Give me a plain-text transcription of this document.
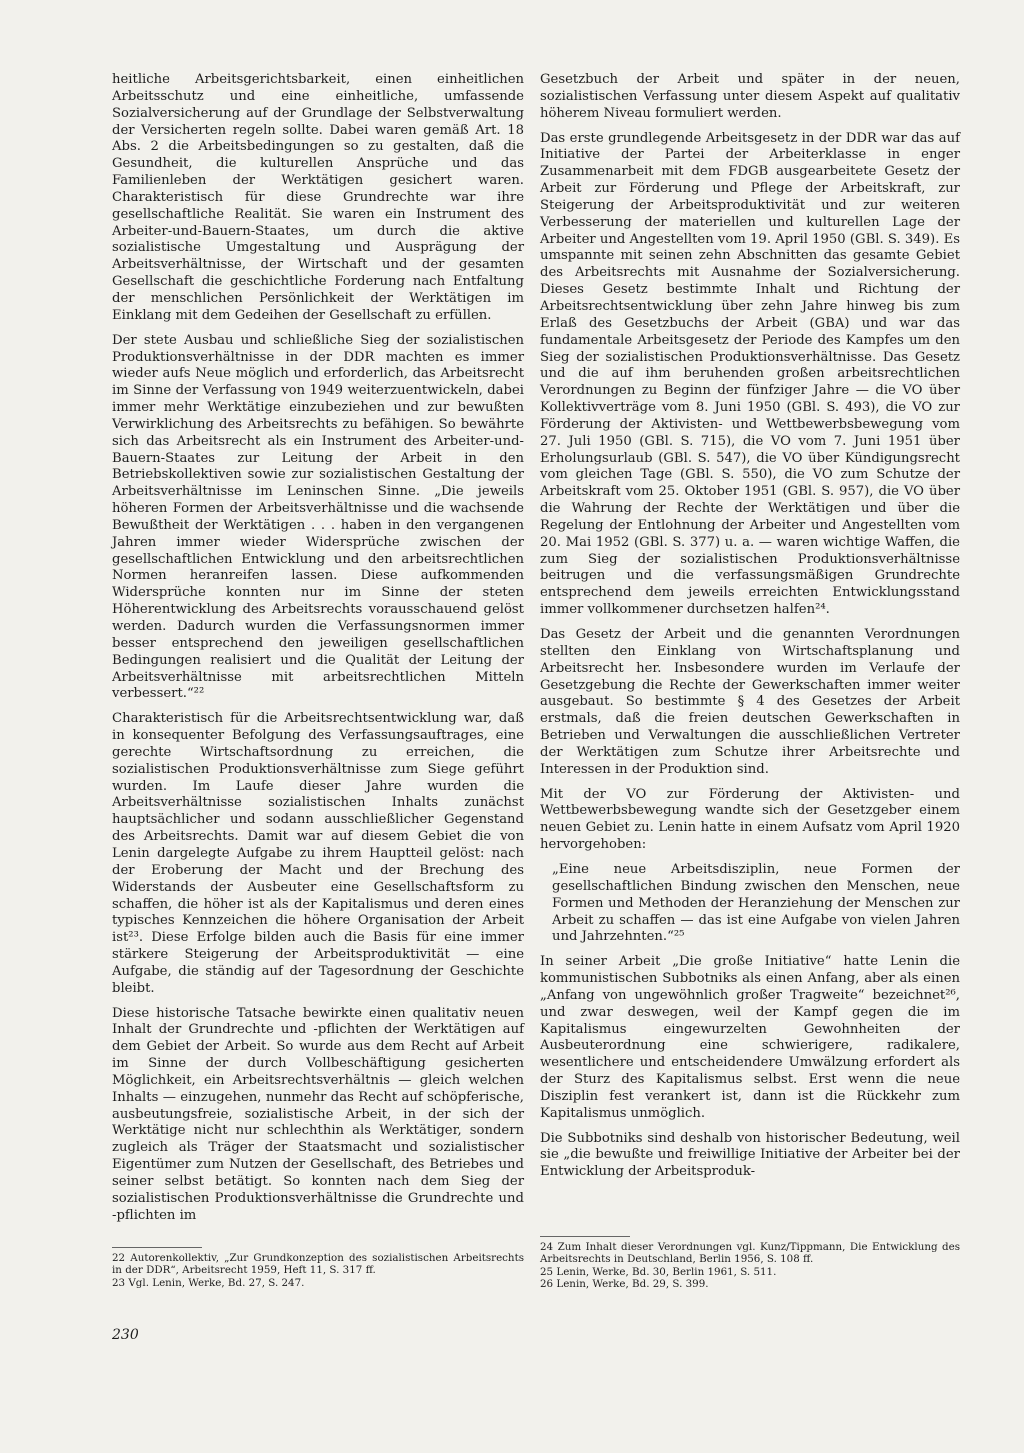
heitliche Arbeitsgerichtsbarkeit, einen einheitlichen Arbeitsschutz und eine einheitliche, umfassende Sozialversicherung auf der Grundlage der Selbstverwaltung der Versicherten regeln sollte. Dabei waren gemäß Art. 18 Abs. 2 die Arbeitsbedingungen so zu gestalten, daß die Gesundheit, die kulturellen Ansprüche und das Familienleben der Werktätigen gesichert waren. Charakteristisch für diese Grundrechte war ihre gesellschaftliche Realität. Sie waren ein Instrument des Arbeiter-und-Bauern-Staates, um durch die aktive sozialistische Umgestaltung und Ausprägung der Arbeitsverhältnisse, der Wirtschaft und der gesamten Gesellschaft die geschichtliche Forderung nach Entfaltung der menschlichen Persönlichkeit der Werktätigen im Einklang mit dem Gedeihen der Gesellschaft zu erfüllen.

Der stete Ausbau und schließliche Sieg der sozialistischen Produktionsverhältnisse in der DDR machten es immer wieder aufs Neue möglich und erforderlich, das Arbeitsrecht im Sinne der Verfassung von 1949 weiterzuentwickeln, dabei immer mehr Werktätige einzubeziehen und zur bewußten Verwirklichung des Arbeitsrechts zu befähigen. So bewährte sich das Arbeitsrecht als ein Instrument des Arbeiter-und-Bauern-Staates zur Leitung der Arbeit in den Betriebskollektiven sowie zur sozialistischen Gestaltung der Arbeitsverhältnisse im Leninschen Sinne. „Die jeweils höheren Formen der Arbeitsverhältnisse und die wachsende Bewußtheit der Werktätigen . . . haben in den vergangenen Jahren immer wieder Widersprüche zwischen der gesellschaftlichen Entwicklung und den arbeitsrechtlichen Normen heranreifen lassen. Diese aufkommenden Widersprüche konnten nur im Sinne der steten Höherentwicklung des Arbeitsrechts vorausschauend gelöst werden. Dadurch wurden die Verfassungsnormen immer besser entsprechend den jeweiligen gesellschaftlichen Bedingungen realisiert und die Qualität der Leitung der Arbeitsverhältnisse mit arbeitsrechtlichen Mitteln verbessert.“²²

Charakteristisch für die Arbeitsrechtsentwicklung war, daß in konsequenter Befolgung des Verfassungsauftrages, eine gerechte Wirtschaftsordnung zu erreichen, die sozialistischen Produktionsverhältnisse zum Siege geführt wurden. Im Laufe dieser Jahre wurden die Arbeitsverhältnisse sozialistischen Inhalts zunächst hauptsächlicher und sodann ausschließlicher Gegenstand des Arbeitsrechts. Damit war auf diesem Gebiet die von Lenin dargelegte Aufgabe zu ihrem Hauptteil gelöst: nach der Eroberung der Macht und der Brechung des Widerstands der Ausbeuter eine Gesellschaftsform zu schaffen, die höher ist als der Kapitalismus und deren eines typisches Kennzeichen die höhere Organisation der Arbeit ist²³. Diese Erfolge bilden auch die Basis für eine immer stärkere Steigerung der Arbeitsproduktivität — eine Aufgabe, die ständig auf der Tagesordnung der Geschichte bleibt.

Diese historische Tatsache bewirkte einen qualitativ neuen Inhalt der Grundrechte und -pflichten der Werktätigen auf dem Gebiet der Arbeit. So wurde aus dem Recht auf Arbeit im Sinne der durch Vollbeschäftigung gesicherten Möglichkeit, ein Arbeitsrechtsverhältnis — gleich welchen Inhalts — einzugehen, nunmehr das Recht auf schöpferische, ausbeutungsfreie, sozialistische Arbeit, in der sich der Werktätige nicht nur schlechthin als Werktätiger, sondern zugleich als Träger der Staatsmacht und sozialistischer Eigentümer zum Nutzen der Gesellschaft, des Betriebes und seiner selbst betätigt. So konnten nach dem Sieg der sozialistischen Produktionsverhältnisse die Grundrechte und -pflichten im

Gesetzbuch der Arbeit und später in der neuen, sozialistischen Verfassung unter diesem Aspekt auf qualitativ höherem Niveau formuliert werden.

Das erste grundlegende Arbeitsgesetz in der DDR war das auf Initiative der Partei der Arbeiterklasse in enger Zusammenarbeit mit dem FDGB ausgearbeitete Gesetz der Arbeit zur Förderung und Pflege der Arbeitskraft, zur Steigerung der Arbeitsproduktivität und zur weiteren Verbesserung der materiellen und kulturellen Lage der Arbeiter und Angestellten vom 19. April 1950 (GBl. S. 349). Es umspannte mit seinen zehn Abschnitten das gesamte Gebiet des Arbeitsrechts mit Ausnahme der Sozialversicherung. Dieses Gesetz bestimmte Inhalt und Richtung der Arbeitsrechtsentwicklung über zehn Jahre hinweg bis zum Erlaß des Gesetzbuchs der Arbeit (GBA) und war das fundamentale Arbeitsgesetz der Periode des Kampfes um den Sieg der sozialistischen Produktionsverhältnisse. Das Gesetz und die auf ihm beruhenden großen arbeitsrechtlichen Verordnungen zu Beginn der fünfziger Jahre — die VO über Kollektivverträge vom 8. Juni 1950 (GBl. S. 493), die VO zur Förderung der Aktivisten- und Wettbewerbsbewegung vom 27. Juli 1950 (GBl. S. 715), die VO vom 7. Juni 1951 über Erholungsurlaub (GBl. S. 547), die VO über Kündigungsrecht vom gleichen Tage (GBl. S. 550), die VO zum Schutze der Arbeitskraft vom 25. Oktober 1951 (GBl. S. 957), die VO über die Wahrung der Rechte der Werktätigen und über die Regelung der Entlohnung der Arbeiter und Angestellten vom 20. Mai 1952 (GBl. S. 377) u. a. — waren wichtige Waffen, die zum Sieg der sozialistischen Produktionsverhältnisse beitrugen und die verfassungsmäßigen Grundrechte entsprechend dem jeweils erreichten Entwicklungsstand immer vollkommener durchsetzen halfen²⁴.

Das Gesetz der Arbeit und die genannten Verordnungen stellten den Einklang von Wirtschaftsplanung und Arbeitsrecht her. Insbesondere wurden im Verlaufe der Gesetzgebung die Rechte der Gewerkschaften immer weiter ausgebaut. So bestimmte § 4 des Gesetzes der Arbeit erstmals, daß die freien deutschen Gewerkschaften in Betrieben und Verwaltungen die ausschließlichen Vertreter der Werktätigen zum Schutze ihrer Arbeitsrechte und Interessen in der Produktion sind.

Mit der VO zur Förderung der Aktivisten- und Wettbewerbsbewegung wandte sich der Gesetzgeber einem neuen Gebiet zu. Lenin hatte in einem Aufsatz vom April 1920 hervorgehoben:

„Eine neue Arbeitsdisziplin, neue Formen der gesellschaftlichen Bindung zwischen den Menschen, neue Formen und Methoden der Heranziehung der Menschen zur Arbeit zu schaffen — das ist eine Aufgabe von vielen Jahren und Jahrzehnten.“²⁵

In seiner Arbeit „Die große Initiative“ hatte Lenin die kommunistischen Subbotniks als einen Anfang, aber als einen „Anfang von ungewöhnlich großer Tragweite“ bezeichnet²⁶, und zwar deswegen, weil der Kampf gegen die im Kapitalismus eingewurzelten Gewohnheiten der Ausbeuterordnung eine schwierigere, radikalere, wesentlichere und entscheidendere Umwälzung erfordert als der Sturz des Kapitalismus selbst. Erst wenn die neue Disziplin fest verankert ist, dann ist die Rückkehr zum Kapitalismus unmöglich.

Die Subbotniks sind deshalb von historischer Bedeutung, weil sie „die bewußte und freiwillige Initiative der Arbeiter bei der Entwicklung der Arbeitsproduk-

22 Autorenkollektiv, „Zur Grundkonzeption des sozialistischen Arbeitsrechts in der DDR“, Arbeitsrecht 1959, Heft 11, S. 317 ff.

23 Vgl. Lenin, Werke, Bd. 27, S. 247.

24 Zum Inhalt dieser Verordnungen vgl. Kunz/Tippmann, Die Entwicklung des Arbeitsrechts in Deutschland, Berlin 1956, S. 108 ff.

25 Lenin, Werke, Bd. 30, Berlin 1961, S. 511.

26 Lenin, Werke, Bd. 29, S. 399.

230
